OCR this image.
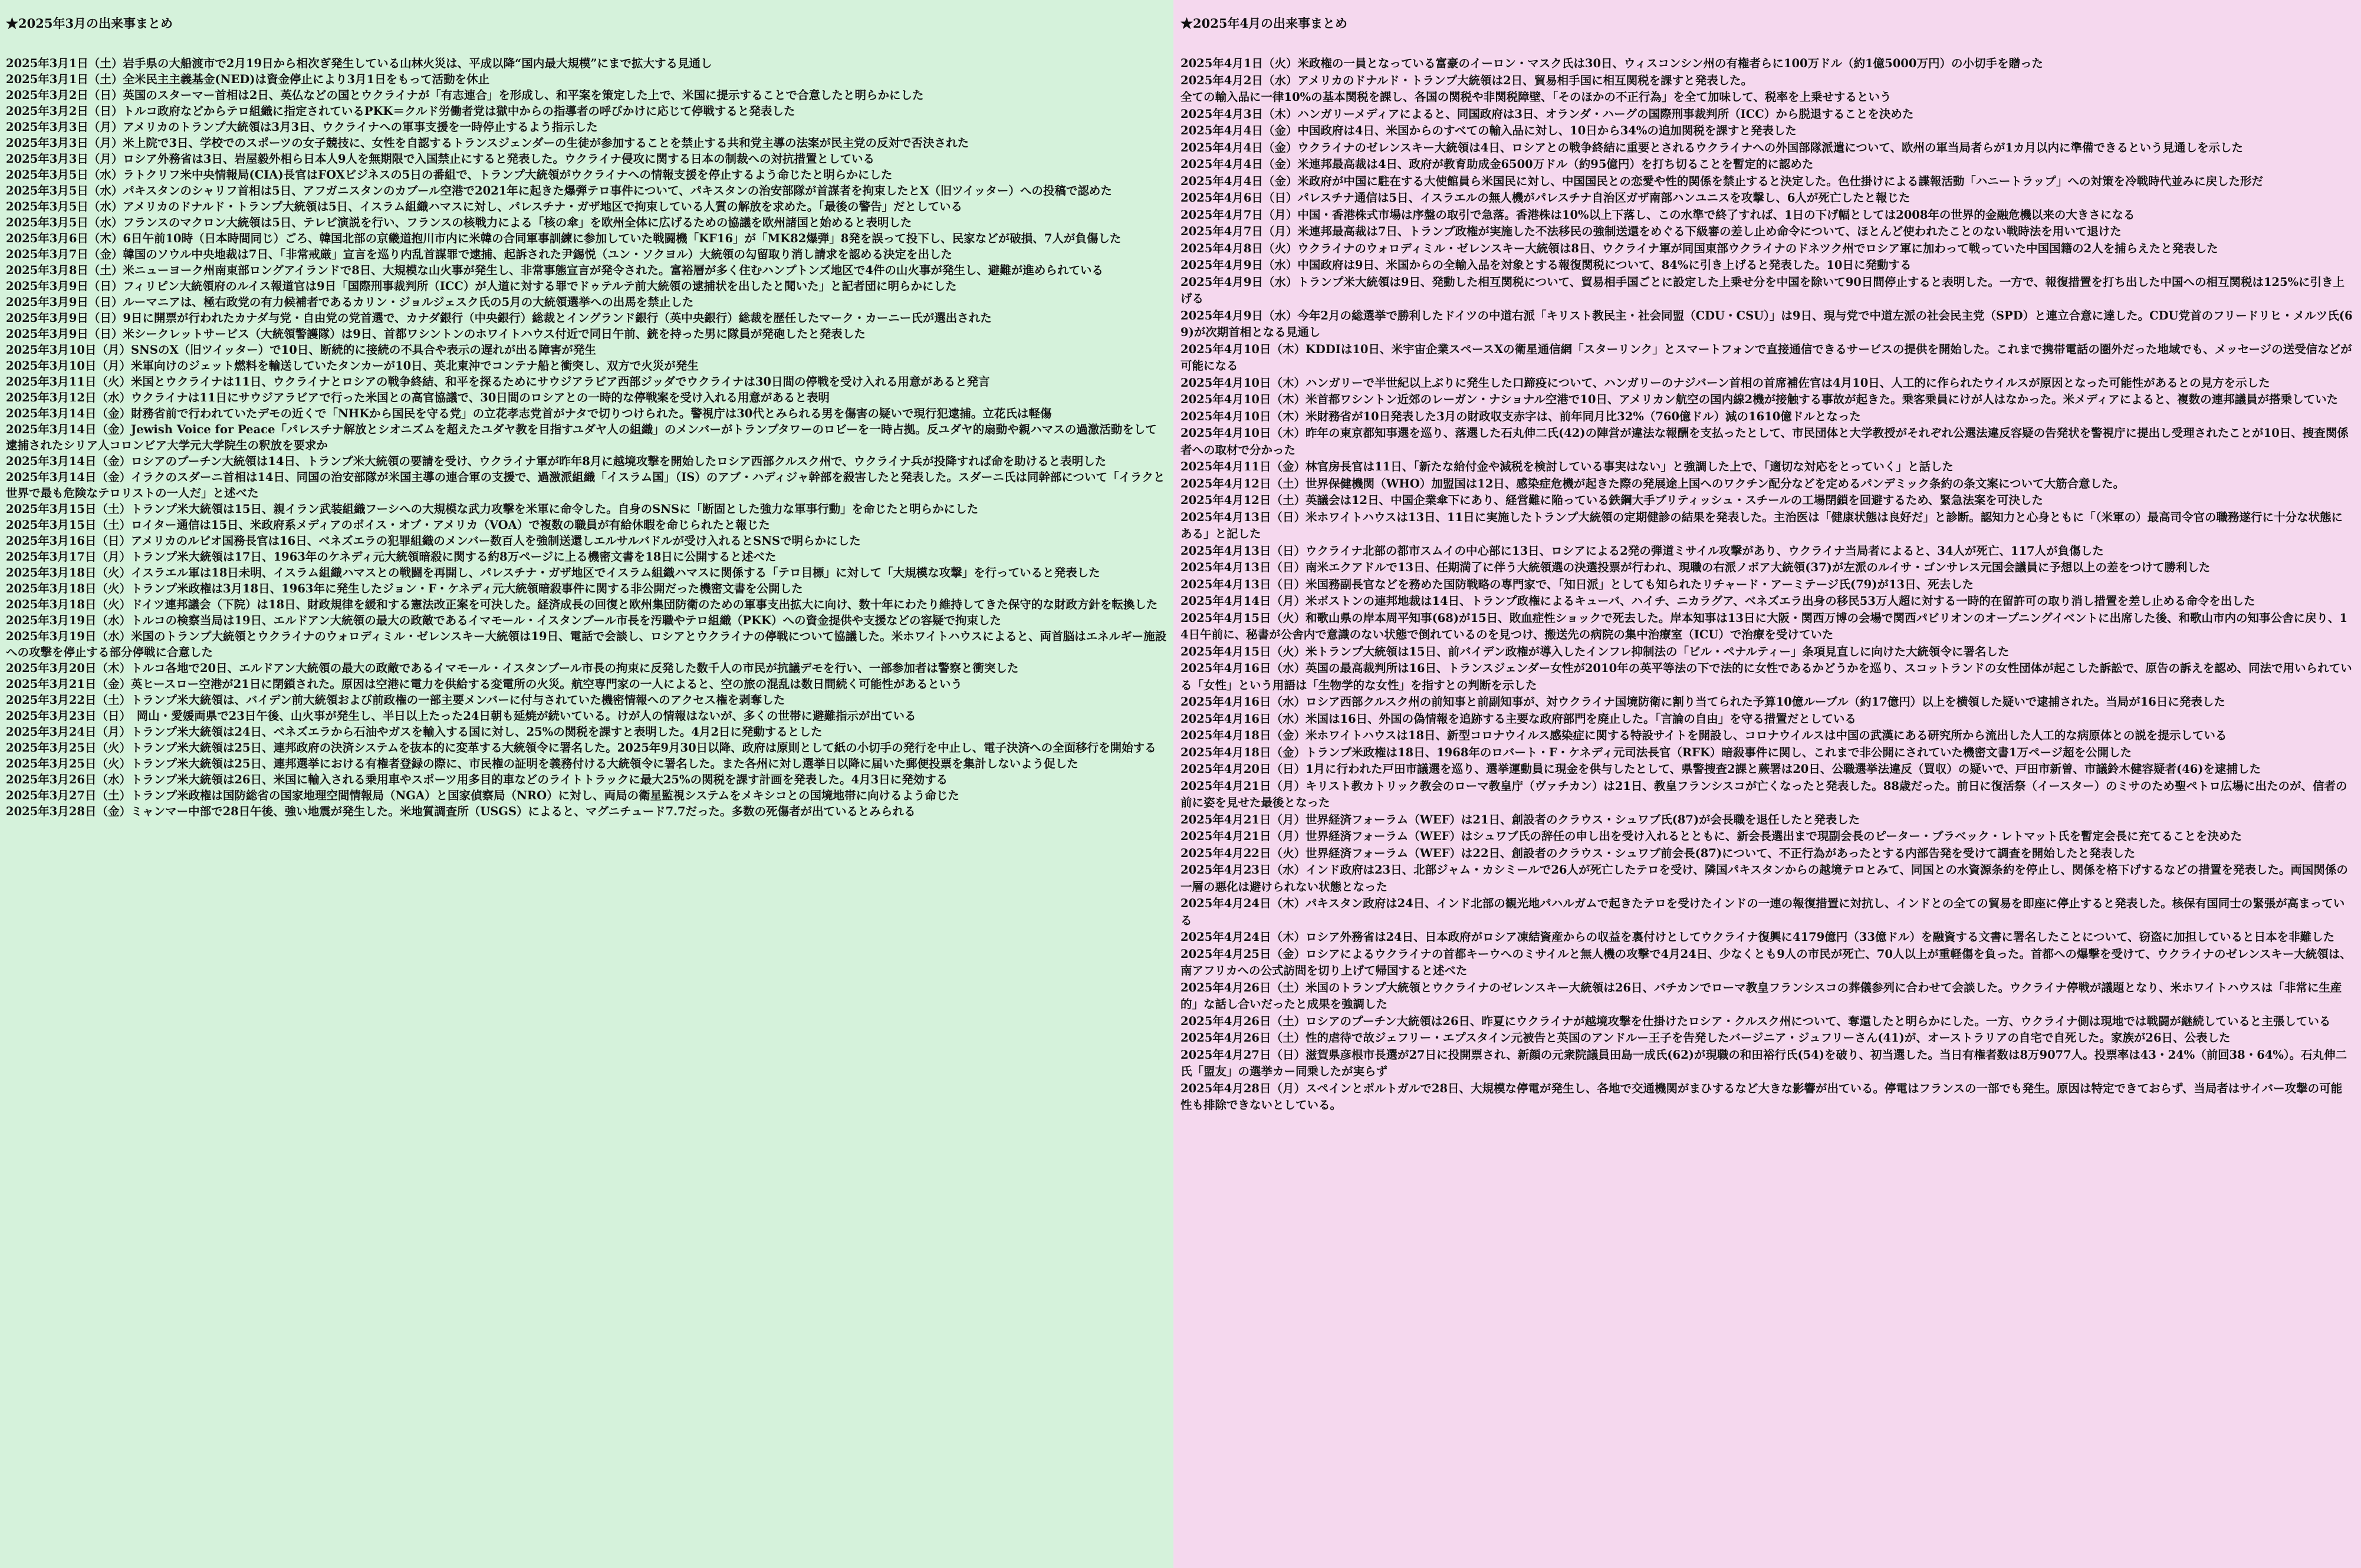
★2025年3月の出来事まとめ
2025年3月1日（土）岩手県の大船渡市で2月19日から相次ぎ発生している山林火災は、平成以降“国内最大規模”にまで拡大する見通し
2025年3月1日（土）全米民主主義基金(NED)は資金停止により3月1日をもって活動を休止
2025年3月2日（日）英国のスターマー首相は2日、英仏などの国とウクライナが「有志連合」を形成し、和平案を策定した上で、米国に提示することで合意したと明らかにした
2025年3月2日（日）トルコ政府などからテロ組織に指定されているPKK＝クルド労働者党は獄中からの指導者の呼びかけに応じて停戦すると発表した
2025年3月3日（月）アメリカのトランプ大統領は3月3日、ウクライナへの軍事支援を一時停止するよう指示した
2025年3月3日（月）米上院で3日、学校でのスポーツの女子競技に、女性を自認するトランスジェンダーの生徒が参加することを禁止する共和党主導の法案が民主党の反対で否決された
2025年3月3日（月）ロシア外務省は3日、岩屋毅外相ら日本人9人を無期限で入国禁止にすると発表した。ウクライナ侵攻に関する日本の制裁への対抗措置としている
2025年3月5日（水）ラトクリフ米中央情報局(CIA)長官はFOXビジネスの5日の番組で、トランプ大統領がウクライナへの情報支援を停止するよう命じたと明らかにした
2025年3月5日（水）パキスタンのシャリフ首相は5日、アフガニスタンのカブール空港で2021年に起きた爆弾テロ事件について、パキスタンの治安部隊が首謀者を拘束したとX（旧ツイッター）への投稿で認めた
2025年3月5日（水）アメリカのドナルド・トランプ大統領は5日、イスラム組織ハマスに対し、パレスチナ・ガザ地区で拘束している人質の解放を求めた。「最後の警告」だとしている
2025年3月5日（水）フランスのマクロン大統領は5日、テレビ演説を行い、フランスの核戦力による「核の傘」を欧州全体に広げるための協議を欧州諸国と始めると表明した
2025年3月6日（木）6日午前10時（日本時間同じ）ごろ、韓国北部の京畿道抱川市内に米韓の合同軍事訓練に参加していた戦闘機「KF16」が「MK82爆弾」8発を誤って投下し、民家などが破損、7人が負傷した
2025年3月7日（金）韓国のソウル中央地裁は7日、「非常戒厳」宣言を巡り内乱首謀罪で逮捕、起訴された尹錫悦（ユン・ソクヨル）大統領の勾留取り消し請求を認める決定を出した
2025年3月8日（土）米ニューヨーク州南東部ロングアイランドで8日、大規模な山火事が発生し、非常事態宣言が発令された。富裕層が多く住むハンプトンズ地区で4件の山火事が発生し、避難が進められている
2025年3月9日（日）フィリピン大統領府のルイス報道官は9日「国際刑事裁判所（ICC）が人道に対する罪でドゥテルテ前大統領の逮捕状を出したと聞いた」と記者団に明らかにした
2025年3月9日（日）ルーマニアは、極右政党の有力候補者であるカリン・ジョルジェスク氏の5月の大統領選挙への出馬を禁止した
2025年3月9日（日）9日に開票が行われたカナダ与党・自由党の党首選で、カナダ銀行（中央銀行）総裁とイングランド銀行（英中央銀行）総裁を歴任したマーク・カーニー氏が選出された
2025年3月9日（日）米シークレットサービス（大統領警護隊）は9日、首都ワシントンのホワイトハウス付近で同日午前、銃を持った男に隊員が発砲したと発表した
2025年3月10日（月）SNSのX（旧ツイッター）で10日、断続的に接続の不具合や表示の遅れが出る障害が発生
2025年3月10日（月）米軍向けのジェット燃料を輸送していたタンカーが10日、英北東沖でコンテナ船と衝突し、双方で火災が発生
2025年3月11日（火）米国とウクライナは11日、ウクライナとロシアの戦争終結、和平を探るためにサウジアラビア西部ジッダでウクライナは30日間の停戦を受け入れる用意があると発言
2025年3月12日（水）ウクライナは11日にサウジアラビアで行った米国との高官協議で、30日間のロシアとの一時的な停戦案を受け入れる用意があると表明
2025年3月14日（金）財務省前で行われていたデモの近くで「NHKから国民を守る党」の立花孝志党首がナタで切りつけられた。警視庁は30代とみられる男を傷害の疑いで現行犯逮捕。立花氏は軽傷
2025年3月14日（金）Jewish Voice for Peace「パレスチナ解放とシオニズムを超えたユダヤ教を目指すユダヤ人の組織」のメンバーがトランプタワーのロビーを一時占拠。反ユダヤ的扇動や親ハマスの過激活動をして逮捕されたシリア人コロンビア大学元大学院生の釈放を要求か
2025年3月14日（金）ロシアのプーチン大統領は14日、トランプ米大統領の要請を受け、ウクライナ軍が昨年8月に越境攻撃を開始したロシア西部クルスク州で、ウクライナ兵が投降すれば命を助けると表明した
2025年3月14日（金）イラクのスダーニ首相は14日、同国の治安部隊が米国主導の連合軍の支援で、過激派組織「イスラム国」（IS）のアブ・ハディジャ幹部を殺害したと発表した。スダーニ氏は同幹部について「イラクと世界で最も危険なテロリストの一人だ」と述べた
2025年3月15日（土）トランプ米大統領は15日、親イラン武装組織フーシへの大規模な武力攻撃を米軍に命令した。自身のSNSに「断固とした強力な軍事行動」を命じたと明らかにした
2025年3月15日（土）ロイター通信は15日、米政府系メディアのボイス・オブ・アメリカ（VOA）で複数の職員が有給休暇を命じられたと報じた
2025年3月16日（日）アメリカのルビオ国務長官は16日、ベネズエラの犯罪組織のメンバー数百人を強制送還しエルサルバドルが受け入れるとSNSで明らかにした
2025年3月17日（月）トランプ米大統領は17日、1963年のケネディ元大統領暗殺に関する約8万ページに上る機密文書を18日に公開すると述べた
2025年3月18日（火）イスラエル軍は18日未明、イスラム組織ハマスとの戦闘を再開し、パレスチナ・ガザ地区でイスラム組織ハマスに関係する「テロ目標」に対して「大規模な攻撃」を行っていると発表した
2025年3月18日（火）トランプ米政権は3月18日、1963年に発生したジョン・F・ケネディ元大統領暗殺事件に関する非公開だった機密文書を公開した
2025年3月18日（火）ドイツ連邦議会（下院）は18日、財政規律を緩和する憲法改正案を可決した。経済成長の回復と欧州集団防衛のための軍事支出拡大に向け、数十年にわたり維持してきた保守的な財政方針を転換した
2025年3月19日（水）トルコの検察当局は19日、エルドアン大統領の最大の政敵であるイマモール・イスタンブール市長を汚職やテロ組織（PKK）への資金提供や支援などの容疑で拘束した
2025年3月19日（水）米国のトランプ大統領とウクライナのウォロディミル・ゼレンスキー大統領は19日、電話で会談し、ロシアとウクライナの停戦について協議した。米ホワイトハウスによると、両首脳はエネルギー施設への攻撃を停止する部分停戦に合意した
2025年3月20日（木）トルコ各地で20日、エルドアン大統領の最大の政敵であるイマモール・イスタンブール市長の拘束に反発した数千人の市民が抗議デモを行い、一部参加者は警察と衝突した
2025年3月21日（金）英ヒースロー空港が21日に閉鎖された。原因は空港に電力を供給する変電所の火災。航空専門家の一人によると、空の旅の混乱は数日間続く可能性があるという
2025年3月22日（土）トランプ米大統領は、バイデン前大統領および前政権の一部主要メンバーに付与されていた機密情報へのアクセス権を剥奪した
2025年3月23日（日）　岡山・愛媛両県で23日午後、山火事が発生し、半日以上たった24日朝も延焼が続いている。けが人の情報はないが、多くの世帯に避難指示が出ている
2025年3月24日（月）トランプ米大統領は24日、ベネズエラから石油やガスを輸入する国に対し、25%の関税を課すと表明した。4月2日に発動するとした
2025年3月25日（火）トランプ米大統領は25日、連邦政府の決済システムを抜本的に変革する大統領令に署名した。2025年9月30日以降、政府は原則として紙の小切手の発行を中止し、電子決済への全面移行を開始する
2025年3月25日（火）トランプ米大統領は25日、連邦選挙における有権者登録の際に、市民権の証明を義務付ける大統領令に署名した。また各州に対し選挙日以降に届いた郵便投票を集計しないよう促した
2025年3月26日（水）トランプ米大統領は26日、米国に輸入される乗用車やスポーツ用多目的車などのライトトラックに最大25%の関税を課す計画を発表した。4月3日に発効する
2025年3月27日（土）トランプ米政権は国防総省の国家地理空間情報局（NGA）と国家偵察局（NRO）に対し、両局の衛星監視システムをメキシコとの国境地帯に向けるよう命じた
2025年3月28日（金）ミャンマー中部で28日午後、強い地震が発生した。米地質調査所（USGS）によると、マグニチュード7.7だった。多数の死傷者が出ているとみられる
★2025年4月の出来事まとめ
2025年4月1日（火）米政権の一員となっている富豪のイーロン・マスク氏は30日、ウィスコンシン州の有権者らに100万ドル（約1億5000万円）の小切手を贈った
2025年4月2日（水）アメリカのドナルド・トランプ大統領は2日、貿易相手国に相互関税を課すと発表した。
全ての輸入品に一律10%の基本関税を課し、各国の関税や非関税障壁、「そのほかの不正行為」を全て加味して、税率を上乗せするという
2025年4月3日（木）ハンガリーメディアによると、同国政府は3日、オランダ・ハーグの国際刑事裁判所（ICC）から脱退することを決めた
2025年4月4日（金）中国政府は4日、米国からのすべての輸入品に対し、10日から34%の追加関税を課すと発表した
2025年4月4日（金）ウクライナのゼレンスキー大統領は4日、ロシアとの戦争終結に重要とされるウクライナへの外国部隊派遣について、欧州の軍当局者らが1カ月以内に準備できるという見通しを示した
2025年4月4日（金）米連邦最高裁は4日、政府が教育助成金6500万ドル（約95億円）を打ち切ることを暫定的に認めた
2025年4月4日（金）米政府が中国に駐在する大使館員ら米国民に対し、中国国民との恋愛や性的関係を禁止すると決定した。色仕掛けによる諜報活動「ハニートラップ」への対策を冷戦時代並みに戻した形だ
2025年4月6日（日）パレスチナ通信は5日、イスラエルの無人機がパレスチナ自治区ガザ南部ハンユニスを攻撃し、6人が死亡したと報じた
2025年4月7日（月）中国・香港株式市場は序盤の取引で急落。香港株は10%以上下落し、この水準で終了すれば、1日の下げ幅としては2008年の世界的金融危機以来の大きさになる
2025年4月7日（月）米連邦最高裁は7日、トランプ政権が実施した不法移民の強制送還をめぐる下級審の差し止め命令について、ほとんど使われたことのない戦時法を用いて退けた
2025年4月8日（火）ウクライナのウォロディミル・ゼレンスキー大統領は8日、ウクライナ軍が同国東部ウクライナのドネツク州でロシア軍に加わって戦っていた中国国籍の2人を捕らえたと発表した
2025年4月9日（水）中国政府は9日、米国からの全輸入品を対象とする報復関税について、84%に引き上げると発表した。10日に発動する
2025年4月9日（水）トランプ米大統領は9日、発動した相互関税について、貿易相手国ごとに設定した上乗せ分を中国を除いて90日間停止すると表明した。一方で、報復措置を打ち出した中国への相互関税は125%に引き上げる
2025年4月9日（水）今年2月の総選挙で勝利したドイツの中道右派「キリスト教民主・社会同盟（CDU・CSU）」は9日、現与党で中道左派の社会民主党（SPD）と連立合意に達した。CDU党首のフリードリヒ・メルツ氏(69)が次期首相となる見通し
2025年4月10日（木）KDDIは10日、米宇宙企業スペースXの衛星通信網「スターリンク」とスマートフォンで直接通信できるサービスの提供を開始した。これまで携帯電話の圏外だった地域でも、メッセージの送受信などが可能になる
2025年4月10日（木）ハンガリーで半世紀以上ぶりに発生した口蹄疫について、ハンガリーのナジバーン首相の首席補佐官は4月10日、人工的に作られたウイルスが原因となった可能性があるとの見方を示した
2025年4月10日（木）米首都ワシントン近郊のレーガン・ナショナル空港で10日、アメリカン航空の国内線2機が接触する事故が起きた。乗客乗員にけが人はなかった。米メディアによると、複数の連邦議員が搭乗していた
2025年4月10日（木）米財務省が10日発表した3月の財政収支赤字は、前年同月比32%（760億ドル）減の1610億ドルとなった
2025年4月10日（木）昨年の東京都知事選を巡り、落選した石丸伸二氏(42)の陣営が違法な報酬を支払ったとして、市民団体と大学教授がそれぞれ公選法違反容疑の告発状を警視庁に提出し受理されたことが10日、捜査関係者への取材で分かった
2025年4月11日（金）林官房長官は11日、「新たな給付金や減税を検討している事実はない」と強調した上で、「適切な対応をとっていく」と話した
2025年4月12日（土）世界保健機関（WHO）加盟国は12日、感染症危機が起きた際の発展途上国へのワクチン配分などを定めるパンデミック条約の条文案について大筋合意した。
2025年4月12日（土）英議会は12日、中国企業傘下にあり、経営難に陥っている鉄鋼大手ブリティッシュ・スチールの工場閉鎖を回避するため、緊急法案を可決した
2025年4月13日（日）米ホワイトハウスは13日、11日に実施したトランプ大統領の定期健診の結果を発表した。主治医は「健康状態は良好だ」と診断。認知力と心身ともに「（米軍の）最高司令官の職務遂行に十分な状態にある」と記した
2025年4月13日（日）ウクライナ北部の都市スムイの中心部に13日、ロシアによる2発の弾道ミサイル攻撃があり、ウクライナ当局者によると、34人が死亡、117人が負傷した
2025年4月13日（日）南米エクアドルで13日、任期満了に伴う大統領選の決選投票が行われ、現職の右派ノボア大統領(37)が左派のルイサ・ゴンサレス元国会議員に予想以上の差をつけて勝利した
2025年4月13日（日）米国務副長官などを務めた国防戦略の専門家で、「知日派」としても知られたリチャード・アーミテージ氏(79)が13日、死去した
2025年4月14日（月）米ボストンの連邦地裁は14日、トランプ政権によるキューバ、ハイチ、ニカラグア、ベネズエラ出身の移民53万人超に対する一時的在留許可の取り消し措置を差し止める命令を出した
2025年4月15日（火）和歌山県の岸本周平知事(68)が15日、敗血症性ショックで死去した。岸本知事は13日に大阪・関西万博の会場で関西パビリオンのオープニングイベントに出席した後、和歌山市内の知事公舎に戻り、14日午前に、秘書が公舎内で意識のない状態で倒れているのを見つけ、搬送先の病院の集中治療室（ICU）で治療を受けていた
2025年4月15日（火）米トランプ大統領は15日、前バイデン政権が導入したインフレ抑制法の「ビル・ペナルティー」条項見直しに向けた大統領令に署名した
2025年4月16日（水）英国の最高裁判所は16日、トランスジェンダー女性が2010年の英平等法の下で法的に女性であるかどうかを巡り、スコットランドの女性団体が起こした訴訟で、原告の訴えを認め、同法で用いられている「女性」という用語は「生物学的な女性」を指すとの判断を示した
2025年4月16日（水）ロシア西部クルスク州の前知事と前副知事が、対ウクライナ国境防衛に割り当てられた予算10億ルーブル（約17億円）以上を横領した疑いで逮捕された。当局が16日に発表した
2025年4月16日（水）米国は16日、外国の偽情報を追跡する主要な政府部門を廃止した。「言論の自由」を守る措置だとしている
2025年4月18日（金）米ホワイトハウスは18日、新型コロナウイルス感染症に関する特設サイトを開設し、コロナウイルスは中国の武漢にある研究所から流出した人工的な病原体との説を提示している
2025年4月18日（金）トランプ米政権は18日、1968年のロバート・F・ケネディ元司法長官（RFK）暗殺事件に関し、これまで非公開にされていた機密文書1万ページ超を公開した
2025年4月20日（日）1月に行われた戸田市議選を巡り、選挙運動員に現金を供与したとして、県警捜査2課と蕨署は20日、公職選挙法違反（買収）の疑いで、戸田市新曽、市議鈴木健容疑者(46)を逮捕した
2025年4月21日（月）キリスト教カトリック教会のローマ教皇庁（ヴァチカン）は21日、教皇フランシスコが亡くなったと発表した。88歳だった。前日に復活祭（イースター）のミサのため聖ペトロ広場に出たのが、信者の前に姿を見せた最後となった
2025年4月21日（月）世界経済フォーラム（WEF）は21日、創設者のクラウス・シュワブ氏(87)が会長職を退任したと発表した
2025年4月21日（月）世界経済フォーラム（WEF）はシュワブ氏の辞任の申し出を受け入れるとともに、新会長選出まで現副会長のピーター・ブラベック・レトマット氏を暫定会長に充てることを決めた
2025年4月22日（火）世界経済フォーラム（WEF）は22日、創設者のクラウス・シュワブ前会長(87)について、不正行為があったとする内部告発を受けて調査を開始したと発表した
2025年4月23日（水）インド政府は23日、北部ジャム・カシミールで26人が死亡したテロを受け、隣国パキスタンからの越境テロとみて、同国との水資源条約を停止し、関係を格下げするなどの措置を発表した。両国関係の一層の悪化は避けられない状態となった
2025年4月24日（木）パキスタン政府は24日、インド北部の観光地パハルガムで起きたテロを受けたインドの一連の報復措置に対抗し、インドとの全ての貿易を即座に停止すると発表した。核保有国同士の緊張が高まっている
2025年4月24日（木）ロシア外務省は24日、日本政府がロシア凍結資産からの収益を裏付けとしてウクライナ復興に4179億円（33億ドル）を融資する文書に署名したことについて、窃盗に加担していると日本を非難した
2025年4月25日（金）ロシアによるウクライナの首都キーウへのミサイルと無人機の攻撃で4月24日、少なくとも9人の市民が死亡、70人以上が重軽傷を負った。首都への爆撃を受けて、ウクライナのゼレンスキー大統領は、南アフリカへの公式訪問を切り上げて帰国すると述べた
2025年4月26日（土）米国のトランプ大統領とウクライナのゼレンスキー大統領は26日、バチカンでローマ教皇フランシスコの葬儀参列に合わせて会談した。ウクライナ停戦が議題となり、米ホワイトハウスは「非常に生産的」な話し合いだったと成果を強調した
2025年4月26日（土）ロシアのプーチン大統領は26日、昨夏にウクライナが越境攻撃を仕掛けたロシア・クルスク州について、奪還したと明らかにした。一方、ウクライナ側は現地では戦闘が継続していると主張している
2025年4月26日（土）性的虐待で故ジェフリー・エプスタイン元被告と英国のアンドルー王子を告発したバージニア・ジュフリーさん(41)が、オーストラリアの自宅で自死した。家族が26日、公表した
2025年4月27日（日）滋賀県彦根市長選が27日に投開票され、新顔の元衆院議員田島一成氏(62)が現職の和田裕行氏(54)を破り、初当選した。当日有権者数は8万9077人。投票率は43・24%（前回38・64%）。石丸伸二氏「盟友」の選挙カー同乗したが実らず
2025年4月28日（月）スペインとポルトガルで28日、大規模な停電が発生し、各地で交通機関がまひするなど大きな影響が出ている。停電はフランスの一部でも発生。原因は特定できておらず、当局者はサイバー攻撃の可能性も排除できないとしている。
